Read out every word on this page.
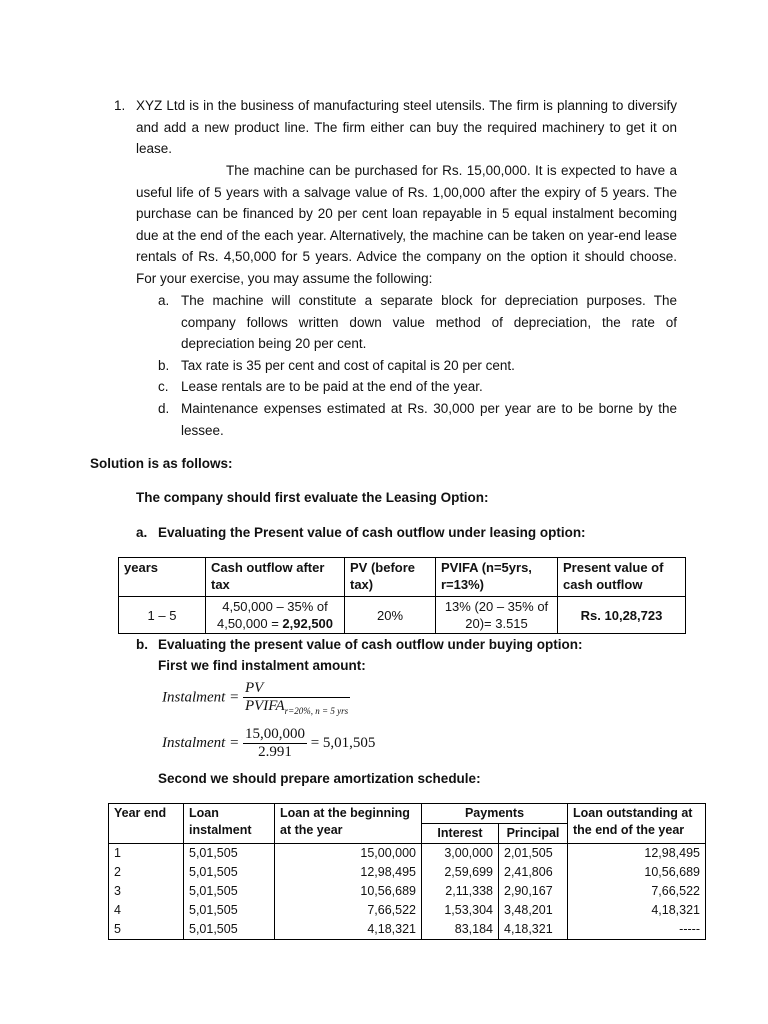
1. XYZ Ltd is in the business of manufacturing steel utensils. The firm is planning to diversify and add a new product line. The firm either can buy the required machinery to get it on lease.

The machine can be purchased for Rs. 15,00,000. It is expected to have a useful life of 5 years with a salvage value of Rs. 1,00,000 after the expiry of 5 years. The purchase can be financed by 20 per cent loan repayable in 5 equal instalment becoming due at the end of the each year. Alternatively, the machine can be taken on year-end lease rentals of Rs. 4,50,000 for 5 years. Advice the company on the option it should choose. For your exercise, you may assume the following:

a. The machine will constitute a separate block for depreciation purposes. The company follows written down value method of depreciation, the rate of depreciation being 20 per cent.

b. Tax rate is 35 per cent and cost of capital is 20 per cent.

c. Lease rentals are to be paid at the end of the year.

d. Maintenance expenses estimated at Rs. 30,000 per year are to be borne by the lessee.

Solution is as follows:
The company should first evaluate the Leasing Option:
a. Evaluating the Present value of cash outflow under leasing option:
years	Cash outflow after tax	PV (before tax)	PVIFA (n=5yrs, r=13%)	Present value of cash outflow
1 – 5	4,50,000 – 35% of 4,50,000 = 2,92,500	20%	13% (20 – 35% of 20)= 3.515	Rs. 10,28,723
b. Evaluating the present value of cash outflow under buying option:
First we find instalment amount:
Instalment = $\frac{PV}{PVIFA_{r=20\%, n = 5 yrs}}$
Instalment = $\frac{15,00,000}{2.991} = 5,01,505$
Second we should prepare amortization schedule:
Year end	Loan instalment	Loan at the beginning at the year	Payments		Loan outstanding at the end of the year
			Interest	Principal	
1	5,01,505	15,00,000	3,00,000	2,01,505	12,98,495
2	5,01,505	12,98,495	2,59,699	2,41,806	10,56,689
3	5,01,505	10,56,689	2,11,338	2,90,167	7,66,522
4	5,01,505	7,66,522	1,53,304	3,48,201	4,18,321
5	5,01,505	4,18,321	83,184	4,18,321	-----
